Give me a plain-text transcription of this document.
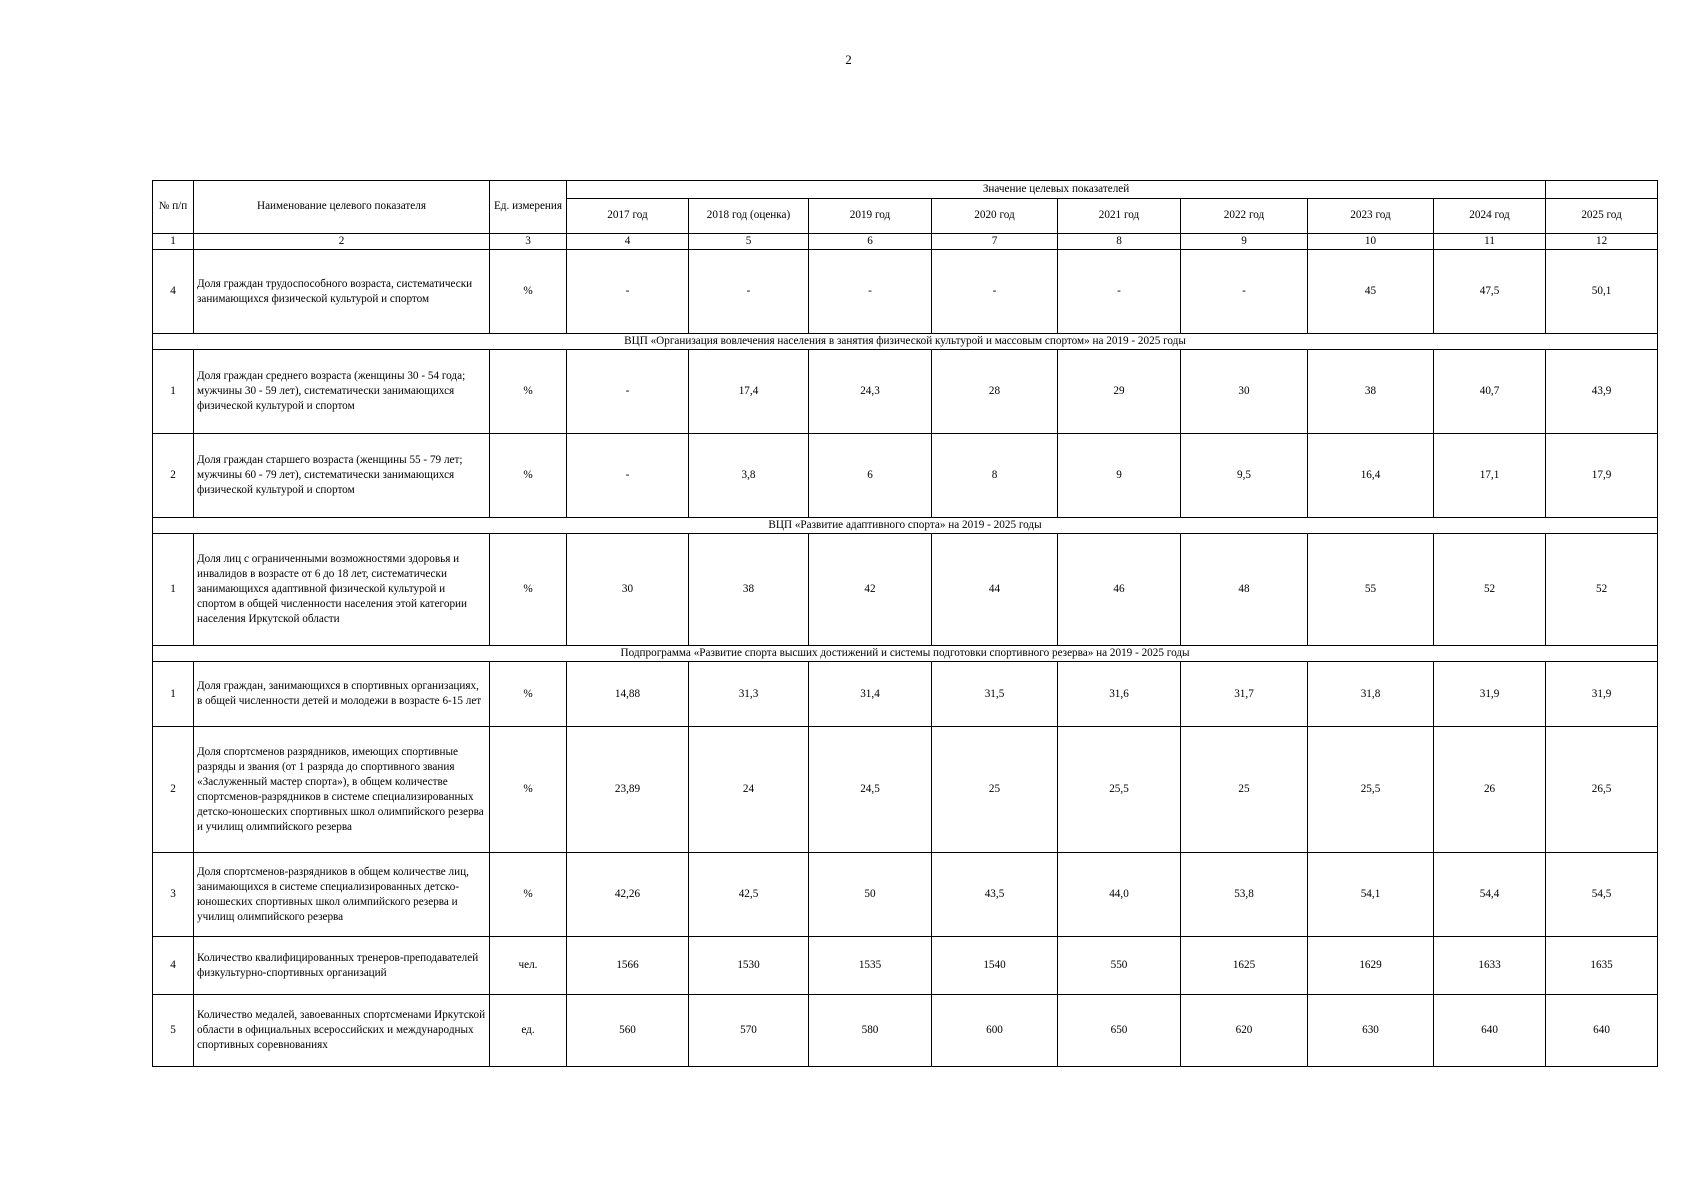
2
№ п/п	Наименование целевого показателя	Ед. измерения	Значение целевых показателей								
			2017 год	2018 год (оценка)	2019 год	2020 год	2021 год	2022 год	2023 год	2024 год	2025 год
1	2	3	4	5	6	7	8	9	10	11	12
4	Доля граждан трудоспособного возраста, систематически занимающихся физической культурой и спортом	%	-	-	-	-	-	-	45	47,5	50,1
ВЦП «Организация вовлечения населения в занятия физической культурой и массовым спортом» на 2019 - 2025 годы											
1	Доля граждан среднего возраста (женщины 30 - 54 года; мужчины 30 - 59 лет), систематически занимающихся физической культурой и спортом	%	-	17,4	24,3	28	29	30	38	40,7	43,9
2	Доля граждан старшего возраста (женщины 55 - 79 лет; мужчины 60 - 79 лет), систематически занимающихся физической культурой и спортом	%	-	3,8	6	8	9	9,5	16,4	17,1	17,9
ВЦП «Развитие адаптивного спорта» на 2019 - 2025 годы											
1	Доля лиц с ограниченными возможностями здоровья и инвалидов в возрасте от 6 до 18 лет, систематически занимающихся адаптивной физической культурой и спортом в общей численности населения этой категории населения Иркутской области	%	30	38	42	44	46	48	55	52	52
Подпрограмма «Развитие спорта высших достижений и системы подготовки спортивного резерва» на 2019 - 2025 годы											
1	Доля граждан, занимающихся в спортивных организациях, в общей численности детей и молодежи в возрасте 6-15 лет	%	14,88	31,3	31,4	31,5	31,6	31,7	31,8	31,9	31,9
2	Доля спортсменов разрядников, имеющих спортивные разряды и звания (от 1 разряда до спортивного звания «Заслуженный мастер спорта»), в общем количестве спортсменов-разрядников в системе специализированных детско-юношеских спортивных школ олимпийского резерва и училищ олимпийского резерва	%	23,89	24	24,5	25	25,5	25	25,5	26	26,5
3	Доля спортсменов-разрядников в общем количестве лиц, занимающихся в системе специализированных детско-юношеских спортивных школ олимпийского резерва и училищ олимпийского резерва	%	42,26	42,5	50	43,5	44,0	53,8	54,1	54,4	54,5
4	Количество квалифицированных тренеров-преподавателей физкультурно-спортивных организаций	чел.	1566	1530	1535	1540	550	1625	1629	1633	1635
5	Количество медалей, завоеванных спортсменами Иркутской области в официальных всероссийских и международных спортивных соревнованиях	ед.	560	570	580	600	650	620	630	640	640
